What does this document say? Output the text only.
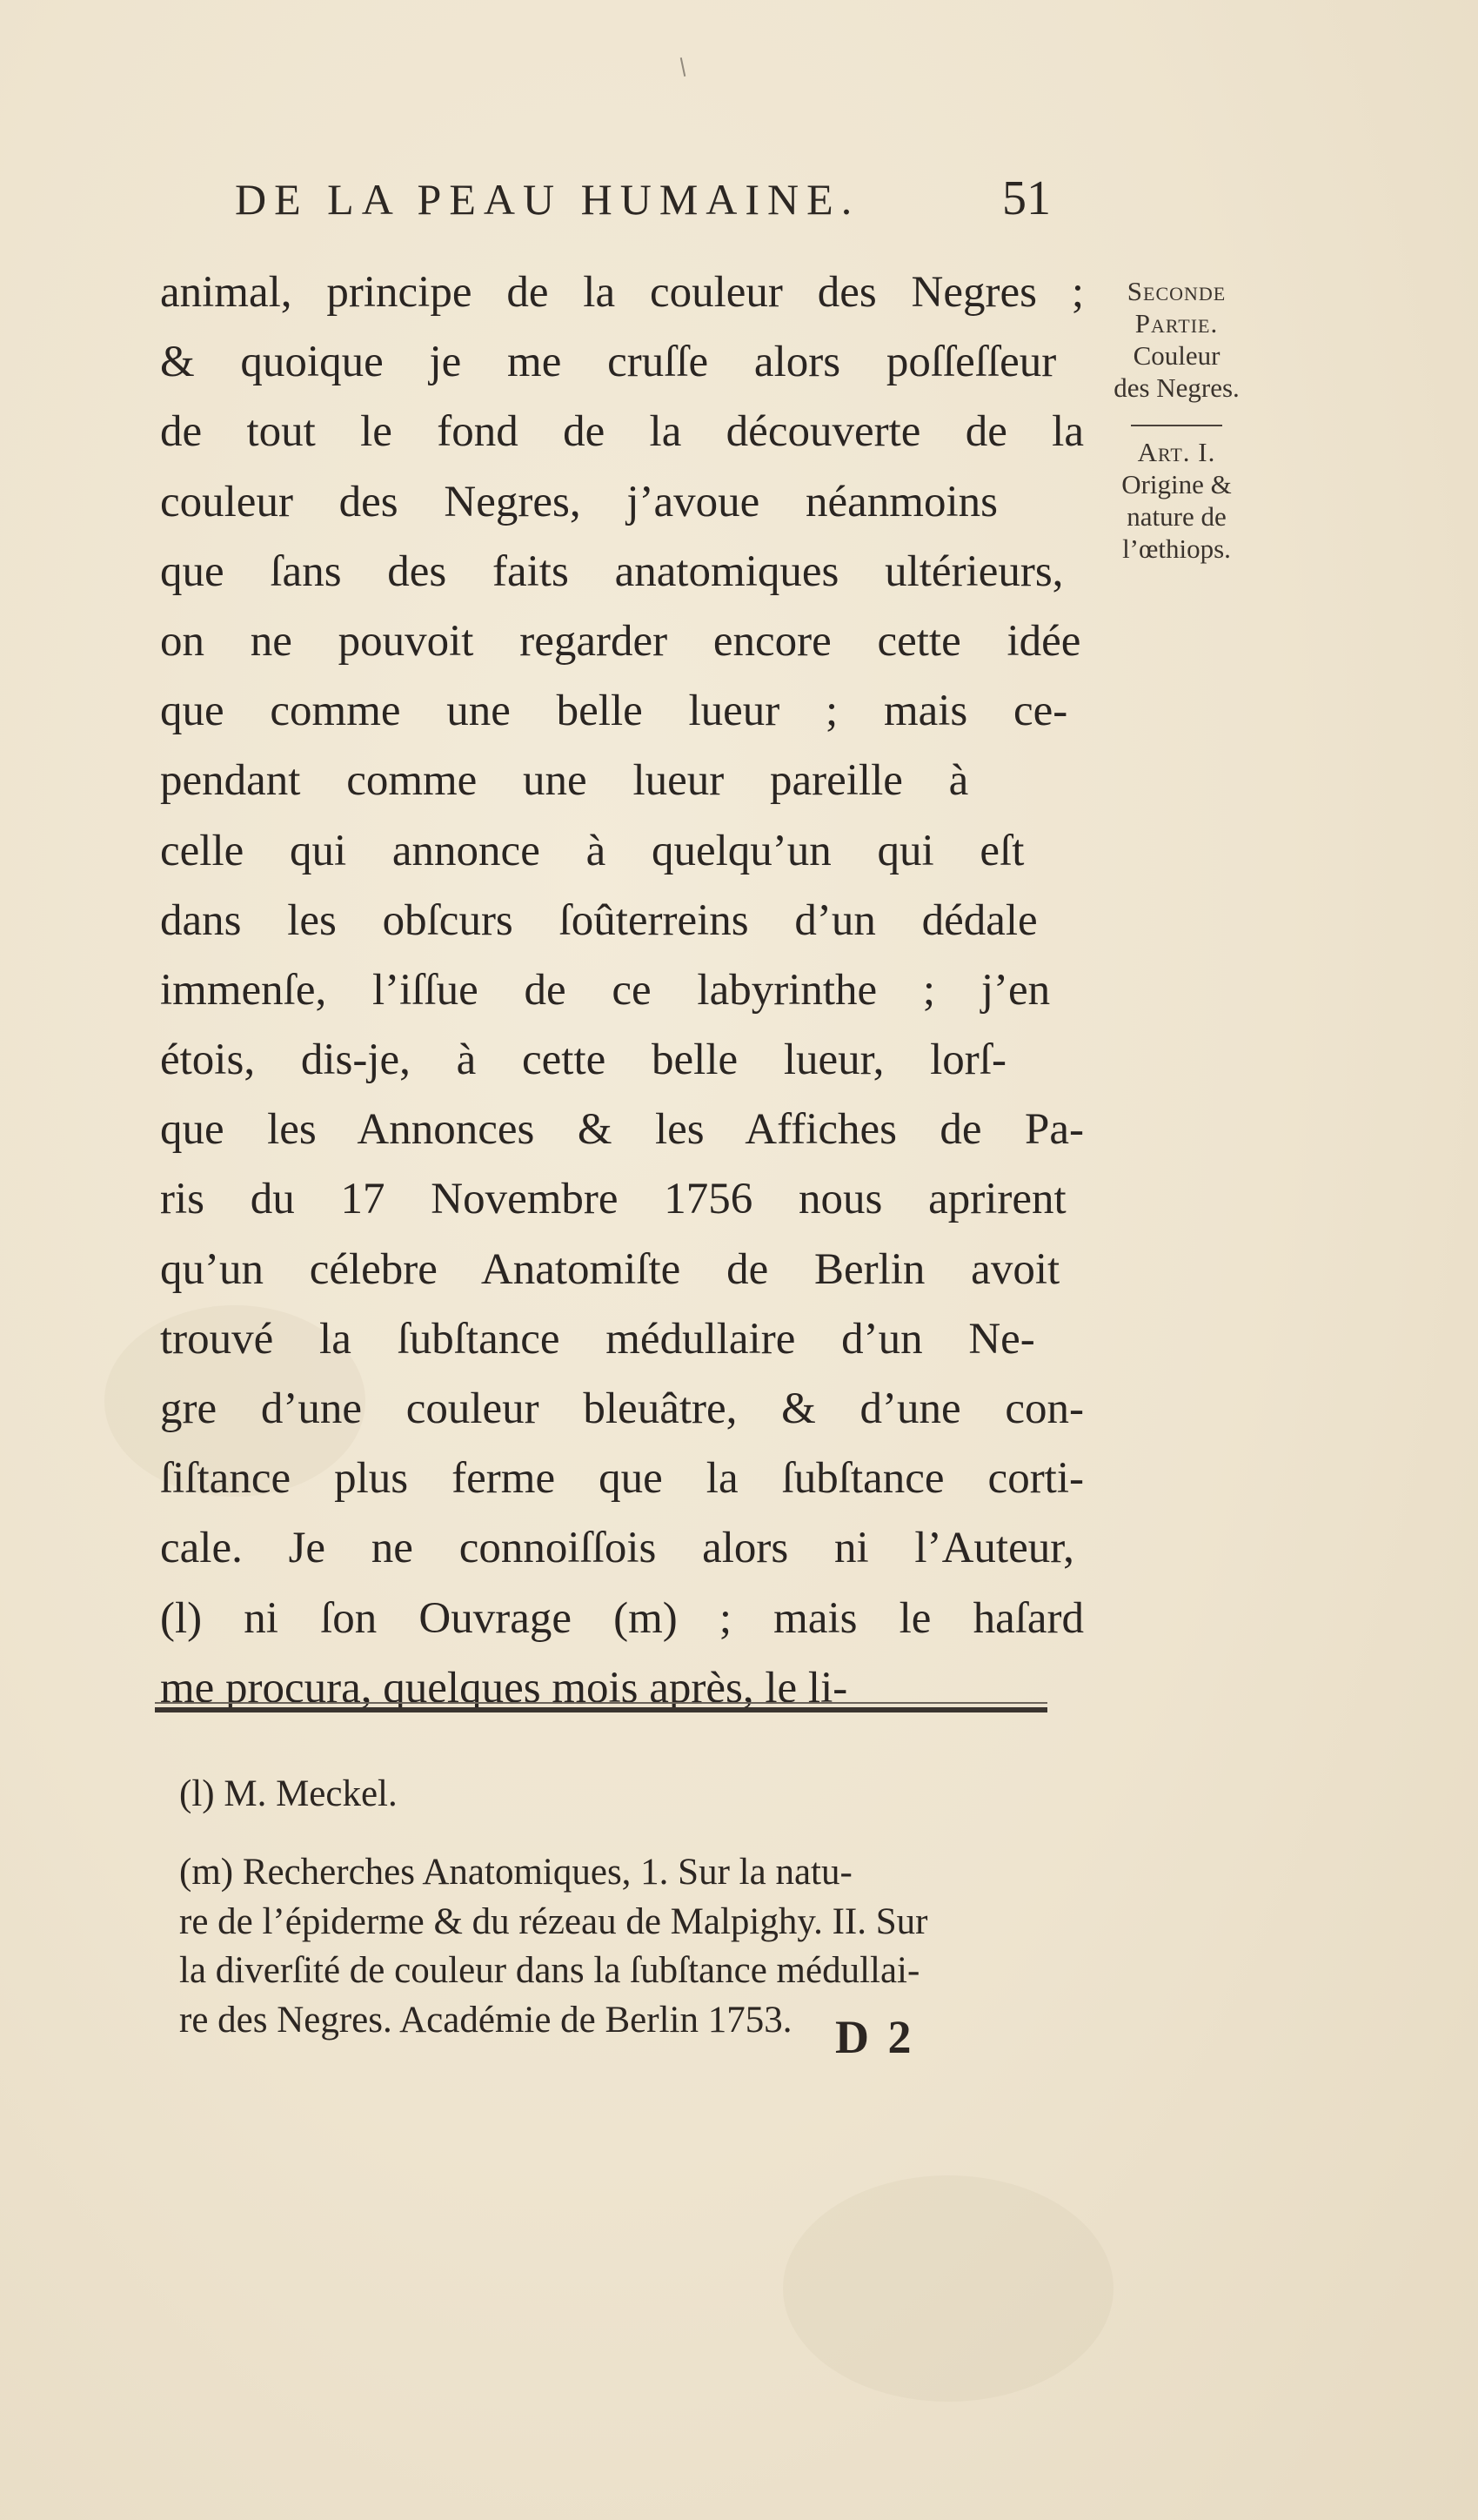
DE LA PEAU HUMAINE.	51
animal, principe de la couleur des Negres ;
& quoique je me cruſſe alors poſſeſſeur
de tout le fond de la découverte de la
couleur des Negres, j’avoue néanmoins
que ſans des faits anatomiques ultérieurs,
on ne pouvoit regarder encore cette idée
que comme une belle lueur ; mais ce-
pendant comme une lueur pareille à
celle qui annonce à quelqu’un qui eſt
dans les obſcurs ſoûterreins d’un dédale
immenſe, l’iſſue de ce labyrinthe ; j’en
étois, dis-je, à cette belle lueur, lorſ-
que les Annonces & les Affiches de Pa-
ris du 17 Novembre 1756 nous aprirent
qu’un célebre Anatomiſte de Berlin avoit
trouvé la ſubſtance médullaire d’un Ne-
gre d’une couleur bleuâtre, & d’une con-
ſiſtance plus ferme que la ſubſtance corti-
cale. Je ne connoiſſois alors ni l’Auteur,
(l) ni ſon Ouvrage (m) ; mais le haſard
me procura, quelques mois après, le li-
Seconde
Partie.
Couleur
des Negres.
Art. I.
Origine &
nature de
l’œthiops.
(l) M. Meckel.
(m) Recherches Anatomiques, 1. Sur la natu-
re de l’épiderme & du rézeau de Malpighy. II. Sur
la diverſité de couleur dans la ſubſtance médullai-
re des Negres. Académie de Berlin 1753. D 2
